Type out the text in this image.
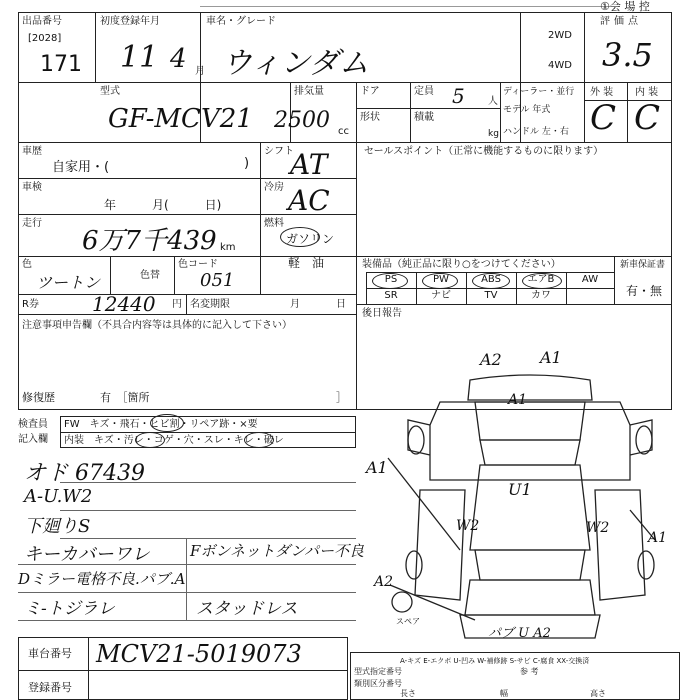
出品番号
[2028]
171
初度登録年月
11 4 月
車名・グレード
ウィンダム
2WD
4WD
評価点
3.5
①会 場 控
型式
GF-MCV21
排気量
2500 cc
ドア	定員 5 人
形状	積載
kg
ディーラー・並行
モデル 年式
ハンドル 左・右
外 装 内 装
C C
車歴
自家用・(	)
車検
年　　　月(　　　日)
走行
6万7千439 km
色
ツートン	色替
色コード
051
シフト
AT
冷房 AC
燃料
ガソリン
軽　油
セールスポイント（正常に機能するものに限ります）
装備品（純正品に限り○をつけてください）	新車保証書
有・無
PS	PW	ABS	エアB	AW
SR	ナビ	TV	カワ
R券	12440 円 名変期限	月	日
注意事項申告欄（不具合内容等は具体的に記入して下さい）
修復歴	有　［箇所	］
後日報告
検査員
記入欄
FW　キズ・飛石・ヒビ割・リペア跡・×要
内装　キズ・汚レ・コゲ・穴・スレ・キレ・破レ
オド 67439
A-U.W2
下廻りS
キーカバーワレ	Fボンネットダンパー不良
Dミラー電格不良.パブ.A
ミ-トジラレ	スタッドレス
A2 A1
A1
U1
A1
W2	W2
A1
A2
スペア
パブ U A2
車台番号 MCV21-5019073
登録番号
A-キズ E-エクボ U-凹み W-補修跡 S-サビ C-腐食 XX-交換済
参 考
型式指定番号
類別区分番号
長さ	幅	高さ
